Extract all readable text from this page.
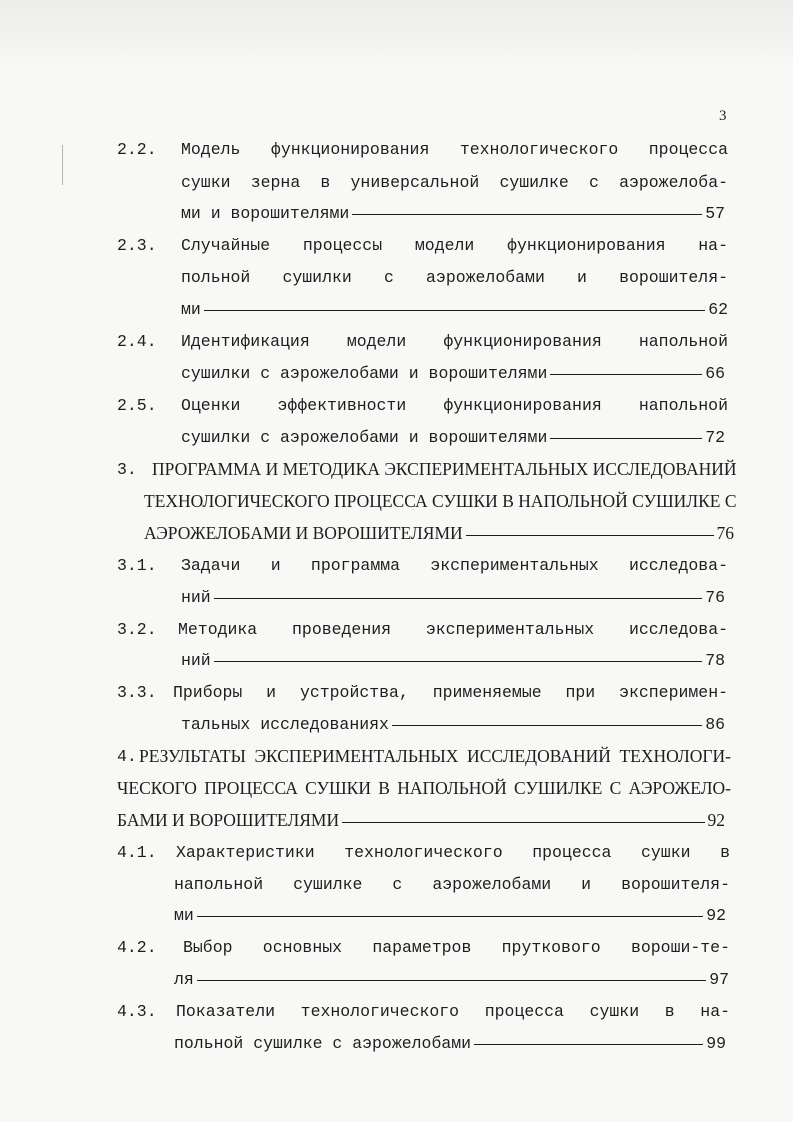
3
2.2. Модель функционирования технологического процесса
сушки зерна в универсальной сушилке с аэрожелоба-
ми и ворошителями	57
2.3. Случайные процессы модели функционирования на-
польной сушилки с аэрожелобами и ворошителя-
ми	62
2.4. Идентификация модели функционирования напольной
сушилки с аэрожелобами и ворошителями	66
2.5. Оценки эффективности функционирования напольной
сушилки с аэрожелобами и ворошителями	72
3. ПРОГРАММА И МЕТОДИКА ЭКСПЕРИМЕНТАЛЬНЫХ ИССЛЕДОВАНИЙ
ТЕХНОЛОГИЧЕСКОГО ПРОЦЕССА СУШКИ В НАПОЛЬНОЙ СУШИЛКЕ С
АЭРОЖЕЛОБАМИ И ВОРОШИТЕЛЯМИ	76
3.1. Задачи и программа экспериментальных исследова-
ний	76
3.2. Методика проведения экспериментальных исследова-
ний	78
3.3. Приборы и устройства, применяемые при эксперимен-
тальных исследованиях	86
4. РЕЗУЛЬТАТЫ ЭКСПЕРИМЕНТАЛЬНЫХ ИССЛЕДОВАНИЙ ТЕХНОЛОГИ-
ЧЕСКОГО ПРОЦЕССА СУШКИ В НАПОЛЬНОЙ СУШИЛКЕ С АЭРОЖЕЛО-
БАМИ И ВОРОШИТЕЛЯМИ	92
4.1. Характеристики технологического процесса сушки в
напольной сушилке с аэрожелобами и ворошителя-
ми	92
4.2. Выбор основных параметров пруткового вороши-те-
ля	97
4.3. Показатели технологического процесса сушки в на-
польной сушилке с аэрожелобами	99
